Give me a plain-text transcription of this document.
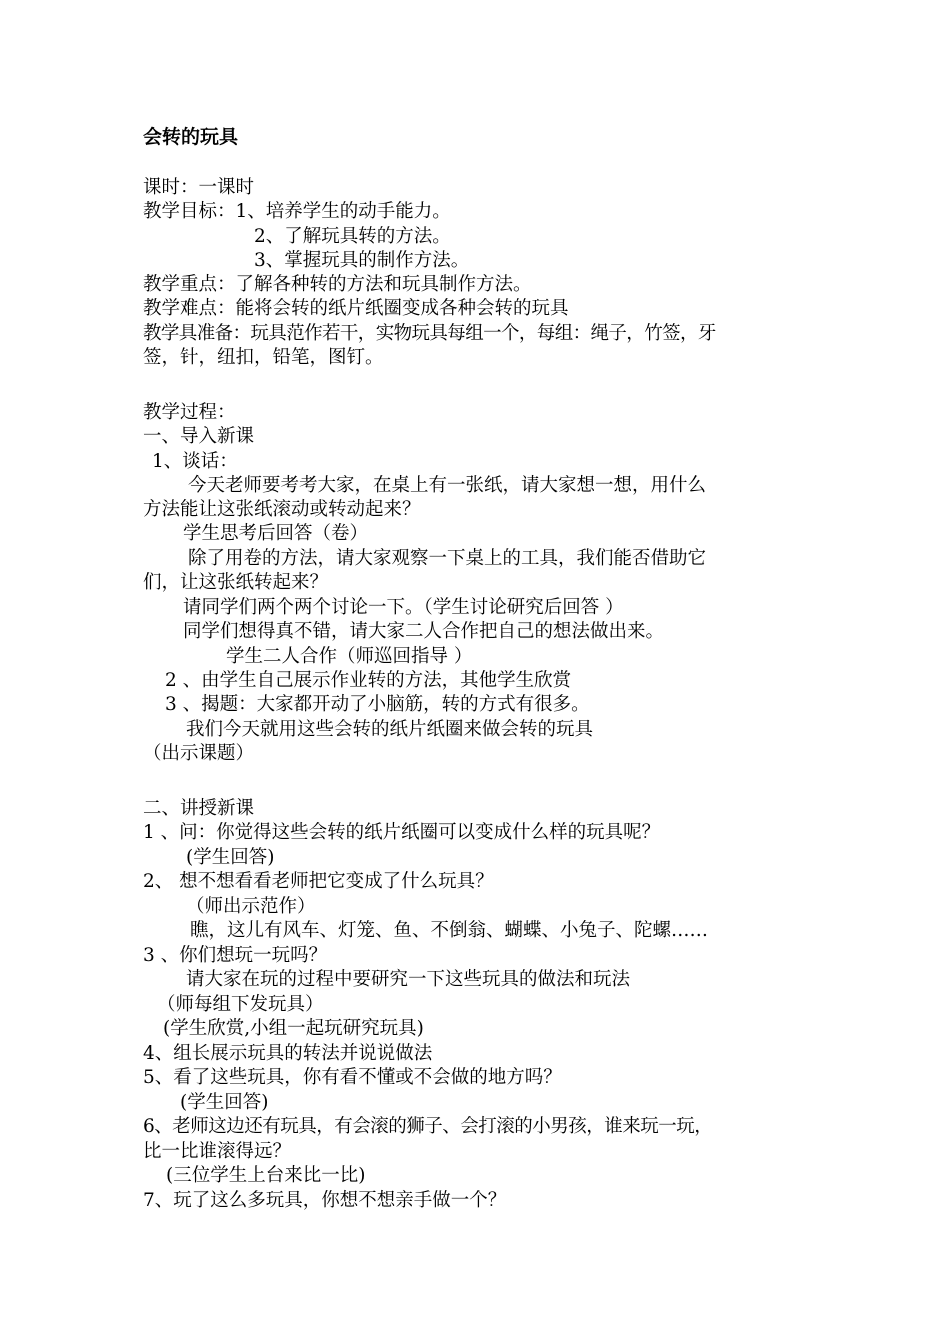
会转的玩具
课时：一课时
教学目标：1、培养学生的动手能力。
2、了解玩具转的方法。
3、掌握玩具的制作方法。
教学重点：了解各种转的方法和玩具制作方法。
教学难点：能将会转的纸片纸圈变成各种会转的玩具
教学具准备：玩具范作若干，实物玩具每组一个，每组：绳子，竹签，牙
签，针，纽扣，铅笔，图钉。
教学过程：
一、导入新课
1、谈话：
今天老师要考考大家，在桌上有一张纸，请大家想一想，用什么
方法能让这张纸滚动或转动起来？
学生思考后回答（卷）
除了用卷的方法，请大家观察一下桌上的工具，我们能否借助它
们，让这张纸转起来？
请同学们两个两个讨论一下。（学生讨论研究后回答 ）
同学们想得真不错，请大家二人合作把自己的想法做出来。
学生二人合作（师巡回指导 ）
2 、由学生自己展示作业转的方法，其他学生欣赏
3 、揭题：大家都开动了小脑筋，转的方式有很多。
我们今天就用这些会转的纸片纸圈来做会转的玩具
（出示课题）
二、讲授新课
1 、问：你觉得这些会转的纸片纸圈可以变成什么样的玩具呢？
(学生回答)
2、 想不想看看老师把它变成了什么玩具？
（师出示范作）
瞧，这儿有风车、灯笼、鱼、不倒翁、蝴蝶、小兔子、陀螺……
3 、你们想玩一玩吗？
请大家在玩的过程中要研究一下这些玩具的做法和玩法
（师每组下发玩具）
(学生欣赏,小组一起玩研究玩具)
4、组长展示玩具的转法并说说做法
5、看了这些玩具，你有看不懂或不会做的地方吗？
(学生回答)
6、老师这边还有玩具，有会滚的狮子、会打滚的小男孩，谁来玩一玩，
比一比谁滚得远？
(三位学生上台来比一比)
7、玩了这么多玩具，你想不想亲手做一个？
